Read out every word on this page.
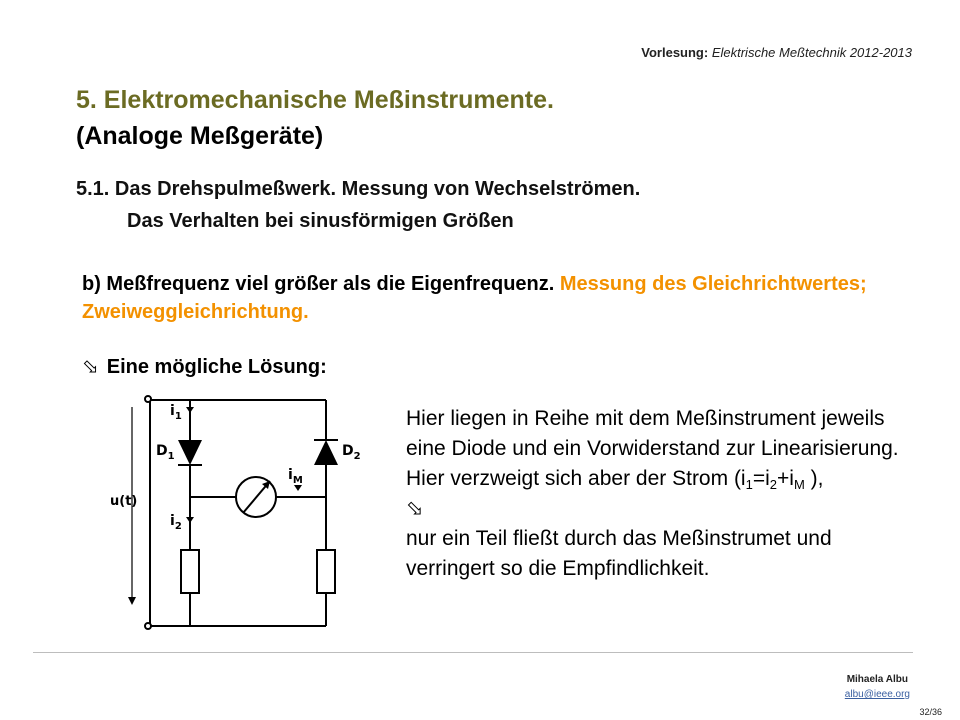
Vorlesung: Elektrische Meßtechnik 2012-2013
5. Elektromechanische Meßinstrumente.
(Analoge Meßgeräte)
5.1. Das Drehspulmeßwerk. Messung von Wechselströmen.
Das Verhalten bei sinusförmigen Größen
b) Meßfrequenz viel größer als die Eigenfrequenz. Messung des Gleichrichtwertes; Zweiweggleichrichtung.
⬂ Eine mögliche Lösung:
$i_1$
$D_1$	$D_2$
$i_M$
$i_2$
u(t)
Hier liegen in Reihe mit dem Meßinstrument jeweils eine Diode und ein Vorwiderstand zur Linearisierung. Hier verzweigt sich aber der Strom ($i_1=i_2+i_M$ ),
⬂
nur ein Teil fließt durch das Meßinstrumet und verringert so die Empfindlichkeit.
Mihaela Albu
albu@ieee.org
32/36
